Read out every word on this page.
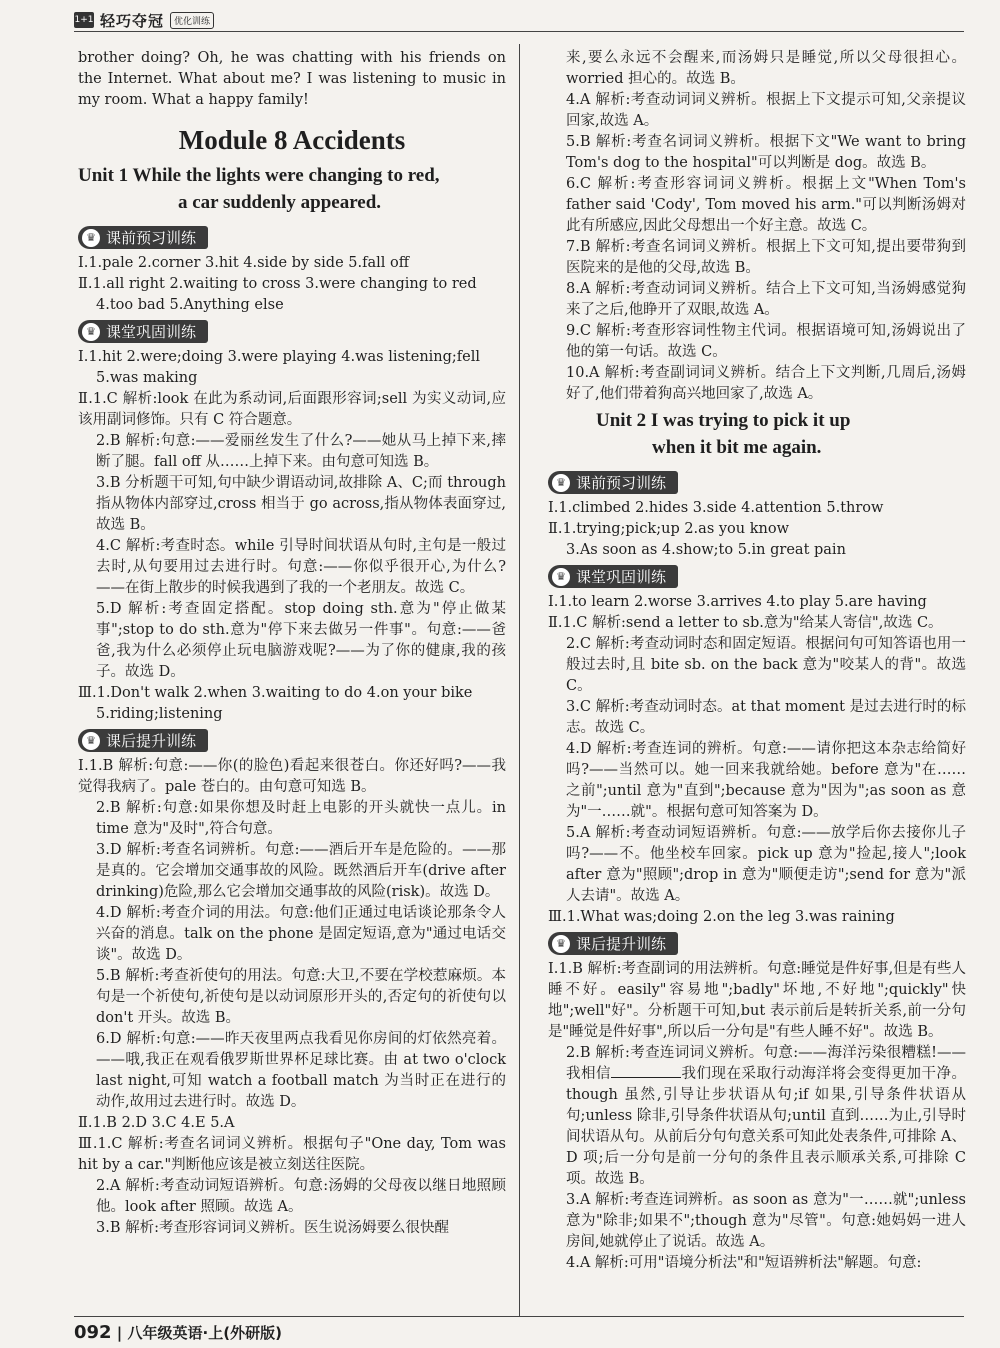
1+1 轻巧夺冠	优化训练

brother doing? Oh, he was chatting with his friends on the Internet. What about me? I was listening to music in my room. What a happy family!

Module 8 Accidents
Unit 1 While the lights were changing to red,
a car suddenly appeared.
♛ 课前预习训练

Ⅰ.1.pale 2.corner 3.hit 4.side by side 5.fall off

Ⅱ.1.all right 2.waiting to cross 3.were changing to red

4.too bad 5.Anything else

♛ 课堂巩固训练

Ⅰ.1.hit 2.were;doing 3.were playing 4.was listening;fell

5.was making

Ⅱ.1.C 解析:look 在此为系动词,后面跟形容词;sell 为实义动词,应该用副词修饰。只有 C 符合题意。

2.B 解析:句意:——爱丽丝发生了什么?——她从马上掉下来,摔断了腿。fall off 从……上掉下来。由句意可知选 B。

3.B 分析题干可知,句中缺少谓语动词,故排除 A、C;而 through 指从物体内部穿过,cross 相当于 go across,指从物体表面穿过,故选 B。

4.C 解析:考查时态。while 引导时间状语从句时,主句是一般过去时,从句要用过去进行时。句意:——你似乎很开心,为什么?——在街上散步的时候我遇到了我的一个老朋友。故选 C。

5.D 解析:考查固定搭配。stop doing sth.意为"停止做某事";stop to do sth.意为"停下来去做另一件事"。句意:——爸爸,我为什么必须停止玩电脑游戏呢?——为了你的健康,我的孩子。故选 D。

Ⅲ.1.Don't walk 2.when 3.waiting to do 4.on your bike

5.riding;listening

♛ 课后提升训练

Ⅰ.1.B 解析:句意:——你(的脸色)看起来很苍白。你还好吗?——我觉得我病了。pale 苍白的。由句意可知选 B。

2.B 解析:句意:如果你想及时赶上电影的开头就快一点儿。in time 意为"及时",符合句意。

3.D 解析:考查名词辨析。句意:——酒后开车是危险的。——那是真的。它会增加交通事故的风险。既然酒后开车(drive after drinking)危险,那么它会增加交通事故的风险(risk)。故选 D。

4.D 解析:考查介词的用法。句意:他们正通过电话谈论那条令人兴奋的消息。talk on the phone 是固定短语,意为"通过电话交谈"。故选 D。

5.B 解析:考查祈使句的用法。句意:大卫,不要在学校惹麻烦。本句是一个祈使句,祈使句是以动词原形开头的,否定句的祈使句以 don't 开头。故选 B。

6.D 解析:句意:——昨天夜里两点我看见你房间的灯依然亮着。——哦,我正在观看俄罗斯世界杯足球比赛。由 at two o'clock last night,可知 watch a football match 为当时正在进行的动作,故用过去进行时。故选 D。

Ⅱ.1.B 2.D 3.C 4.E 5.A

Ⅲ.1.C 解析:考查名词词义辨析。根据句子"One day, Tom was hit by a car."判断他应该是被立刻送往医院。

2.A 解析:考查动词短语辨析。句意:汤姆的父母夜以继日地照顾他。look after 照顾。故选 A。

3.B 解析:考查形容词词义辨析。医生说汤姆要么很快醒

来,要么永远不会醒来,而汤姆只是睡觉,所以父母很担心。worried 担心的。故选 B。

4.A 解析:考查动词词义辨析。根据上下文提示可知,父亲提议回家,故选 A。

5.B 解析:考查名词词义辨析。根据下文"We want to bring Tom's dog to the hospital"可以判断是 dog。故选 B。

6.C 解析:考查形容词词义辨析。根据上文"When Tom's father said 'Cody', Tom moved his arm."可以判断汤姆对此有所感应,因此父母想出一个好主意。故选 C。

7.B 解析:考查名词词义辨析。根据上下文可知,提出要带狗到医院来的是他的父母,故选 B。

8.A 解析:考查动词词义辨析。结合上下文可知,当汤姆感觉狗来了之后,他睁开了双眼,故选 A。

9.C 解析:考查形容词性物主代词。根据语境可知,汤姆说出了他的第一句话。故选 C。

10.A 解析:考查副词词义辨析。结合上下文判断,几周后,汤姆好了,他们带着狗高兴地回家了,故选 A。

Unit 2 I was trying to pick it up
when it bit me again.
♛ 课前预习训练

Ⅰ.1.climbed 2.hides 3.side 4.attention 5.throw

Ⅱ.1.trying;pick;up 2.as you know

3.As soon as 4.show;to 5.in great pain

♛ 课堂巩固训练

Ⅰ.1.to learn 2.worse 3.arrives 4.to play 5.are having

Ⅱ.1.C 解析:send a letter to sb.意为"给某人寄信",故选 C。

2.C 解析:考查动词时态和固定短语。根据问句可知答语也用一般过去时,且 bite sb. on the back 意为"咬某人的背"。故选 C。

3.C 解析:考查动词时态。at that moment 是过去进行时的标志。故选 C。

4.D 解析:考查连词的辨析。句意:——请你把这本杂志给简好吗?——当然可以。她一回来我就给她。before 意为"在……之前";until 意为"直到";because 意为"因为";as soon as 意为"一……就"。根据句意可知答案为 D。

5.A 解析:考查动词短语辨析。句意:——放学后你去接你儿子吗?——不。他坐校车回家。pick up 意为"捡起,接人";look after 意为"照顾";drop in 意为"顺便走访";send for 意为"派人去请"。故选 A。

Ⅲ.1.What was;doing 2.on the leg 3.was raining

♛ 课后提升训练

Ⅰ.1.B 解析:考查副词的用法辨析。句意:睡觉是件好事,但是有些人睡不好。easily"容易地";badly"坏地,不好地";quickly"快地";well"好"。分析题干可知,but 表示前后是转折关系,前一分句是"睡觉是件好事",所以后一分句是"有些人睡不好"。故选 B。

2.B 解析:考查连词词义辨析。句意:——海洋污染很糟糕!——我相信	我们现在采取行动海洋将会变得更加干净。though 虽然,引导让步状语从句;if 如果,引导条件状语从句;unless 除非,引导条件状语从句;until 直到……为止,引导时间状语从句。从前后分句句意关系可知此处表条件,可排除 A、D 项;后一分句是前一分句的条件且表示顺承关系,可排除 C 项。故选 B。

3.A 解析:考查连词辨析。as soon as 意为"一……就";unless 意为"除非;如果不";though 意为"尽管"。句意:她妈妈一进人房间,她就停止了说话。故选 A。

4.A 解析:可用"语境分析法"和"短语辨析法"解题。句意:

092 | 八年级英语·上(外研版)
